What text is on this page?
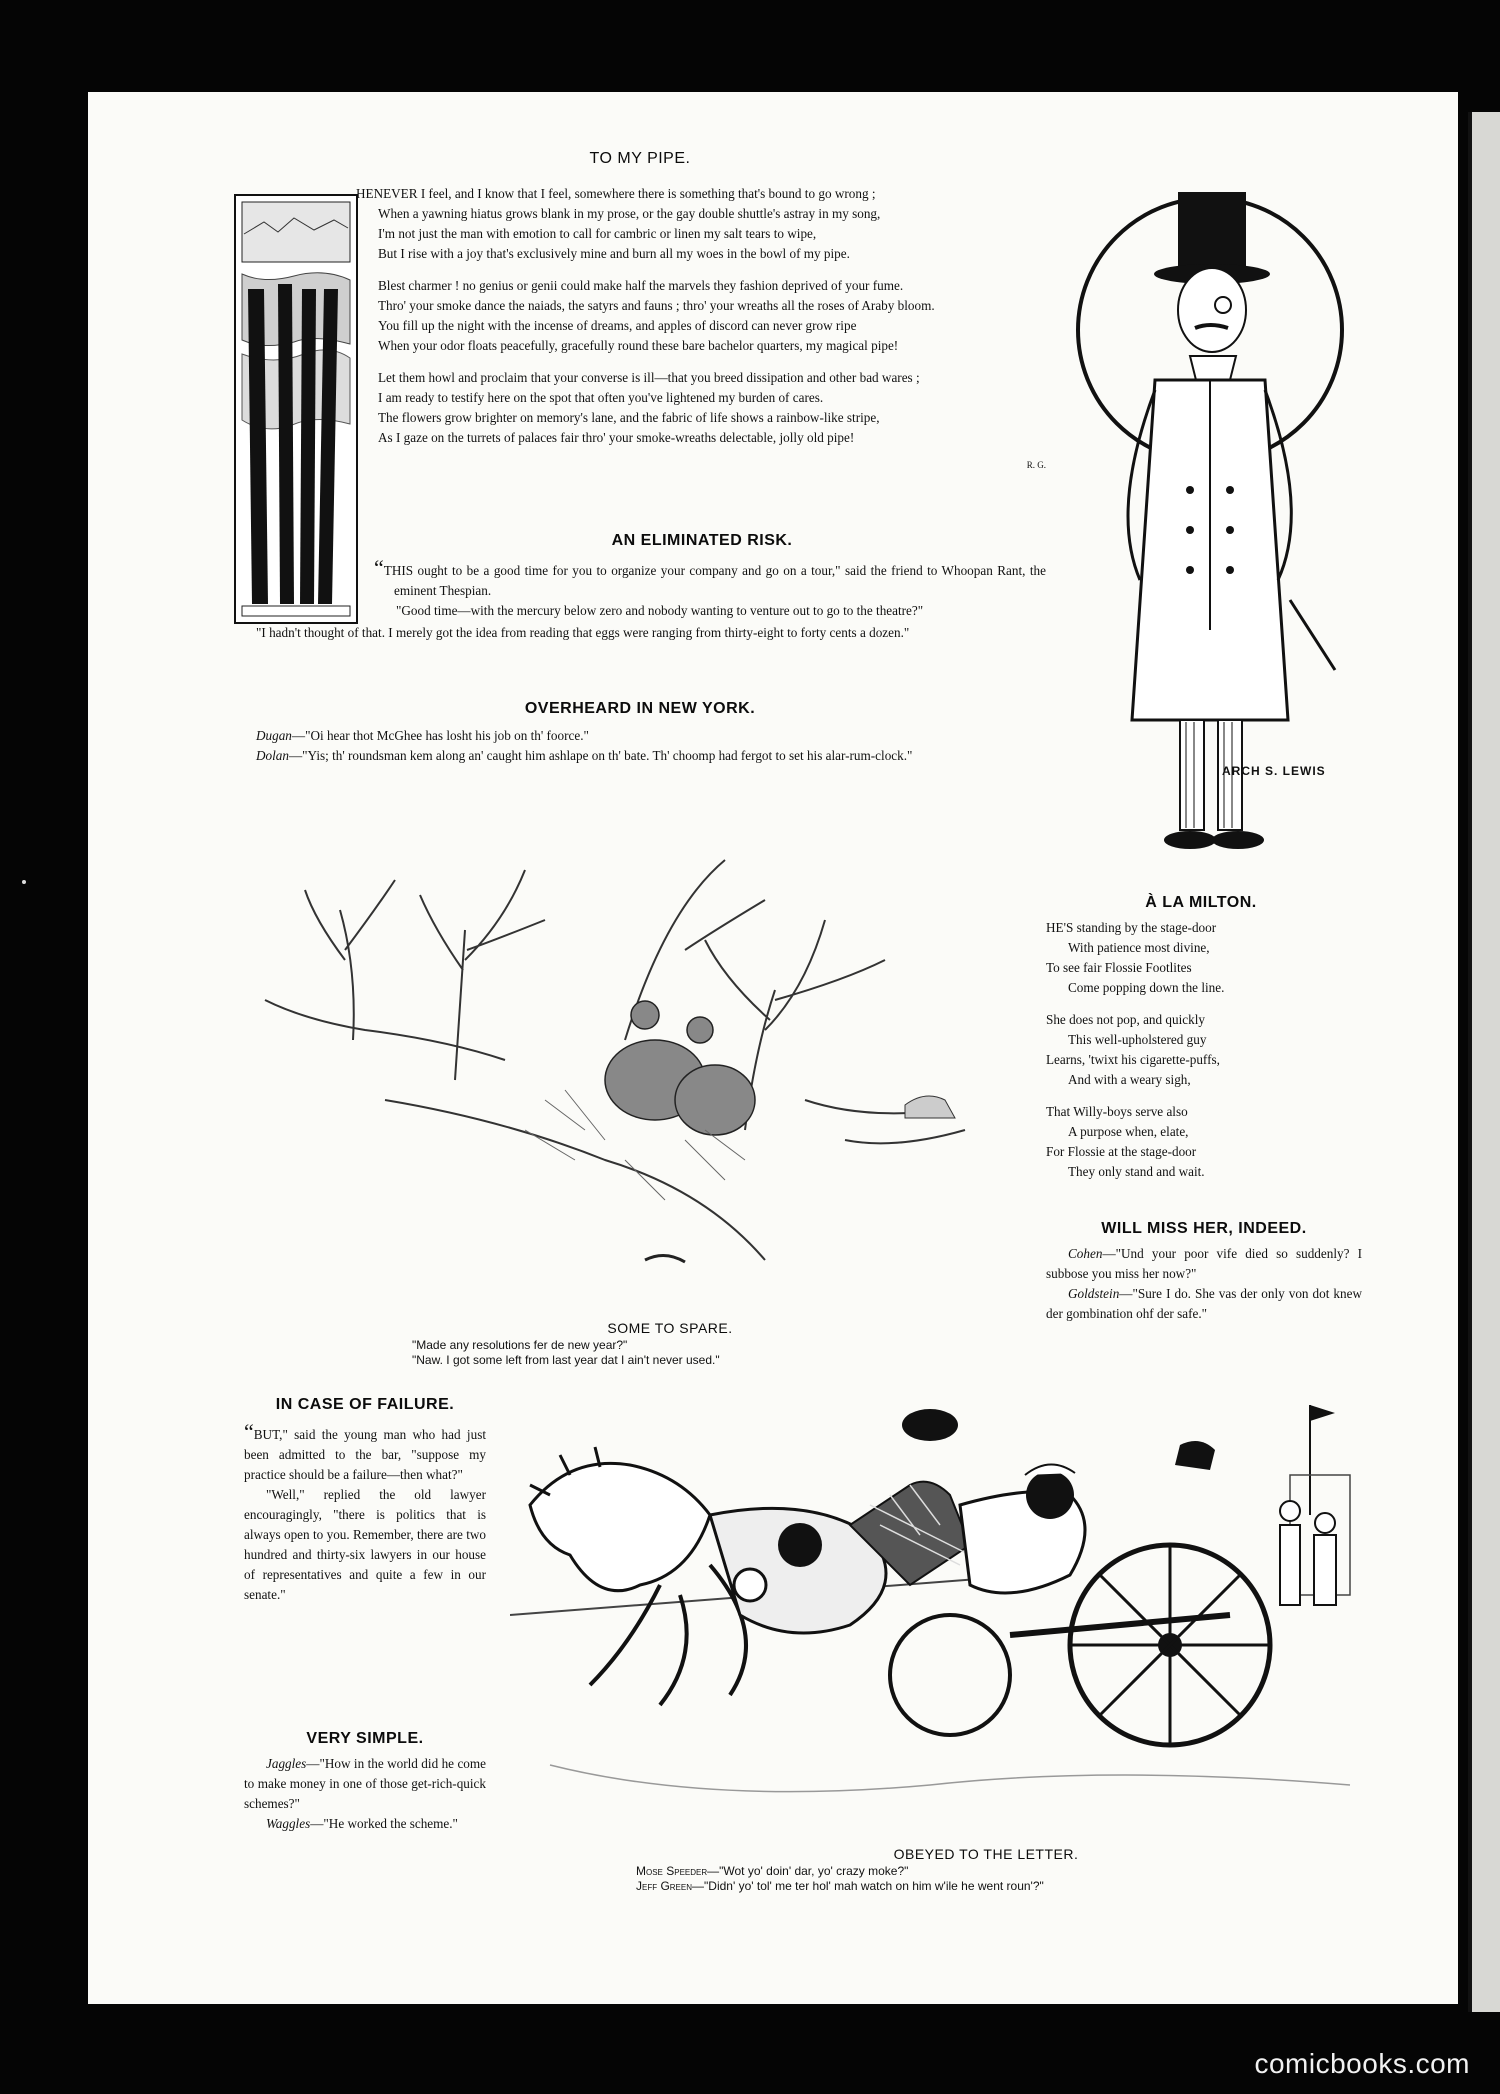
TO MY PIPE.

HENEVER I feel, and I know that I feel, somewhere there is something that's bound to go wrong ;

When a yawning hiatus grows blank in my prose, or the gay double shuttle's astray in my song,

I'm not just the man with emotion to call for cambric or linen my salt tears to wipe,

But I rise with a joy that's exclusively mine and burn all my woes in the bowl of my pipe.

Blest charmer ! no genius or genii could make half the marvels they fashion deprived of your fume.

Thro' your smoke dance the naiads, the satyrs and fauns ; thro' your wreaths all the roses of Araby bloom.

You fill up the night with the incense of dreams, and apples of discord can never grow ripe

When your odor floats peacefully, gracefully round these bare bachelor quarters, my magical pipe!

Let them howl and proclaim that your converse is ill—that you breed dissipation and other bad wares ;

I am ready to testify here on the spot that often you've lightened my burden of cares.

The flowers grow brighter on memory's lane, and the fabric of life shows a rainbow-like stripe,

As I gaze on the turrets of palaces fair thro' your smoke-wreaths delectable, jolly old pipe!

R. G.

AN ELIMINATED RISK.

“THIS ought to be a good time for you to organize your company and go on a tour," said the friend to Whoopan Rant, the eminent Thespian.

"Good time—with the mercury below zero and nobody wanting to venture out to go to the theatre?"

"I hadn't thought of that. I merely got the idea from reading that eggs were ranging from thirty-eight to forty cents a dozen."

OVERHEARD IN NEW YORK.

Dugan—"Oi hear thot McGhee has losht his job on th' foorce."

Dolan—"Yis; th' roundsman kem along an' caught him ashlape on th' bate. Th' choomp had fergot to set his alar-rum-clock."

ARCH S. LEWIS
À LA MILTON.

HE'S standing by the stage-door

With patience most divine,

To see fair Flossie Footlites

Come popping down the line.

She does not pop, and quickly

This well-upholstered guy

Learns, 'twixt his cigarette-puffs,

And with a weary sigh,

That Willy-boys serve also

A purpose when, elate,

For Flossie at the stage-door

They only stand and wait.

WILL MISS HER, INDEED.

Cohen—"Und your poor vife died so suddenly? I subbose you miss her now?"

Goldstein—"Sure I do. She vas der only von dot knew der gombination ohf der safe."

SOME TO SPARE.

"Made any resolutions fer de new year?"

"Naw. I got some left from last year dat I ain't never used."

IN CASE OF FAILURE.

“BUT," said the young man who had just been admitted to the bar, "suppose my practice should be a failure—then what?"

"Well," replied the old lawyer encouragingly, "there is politics that is always open to you. Remember, there are two hundred and thirty-six lawyers in our house of representatives and quite a few in our senate."

VERY SIMPLE.

Jaggles—"How in the world did he come to make money in one of those get-rich-quick schemes?"

Waggles—"He worked the scheme."

OBEYED TO THE LETTER.

Mose Speeder—"Wot yo' doin' dar, yo' crazy moke?"

Jeff Green—"Didn' yo' tol' me ter hol' mah watch on him w'ile he went roun'?"

comicbooks.com
